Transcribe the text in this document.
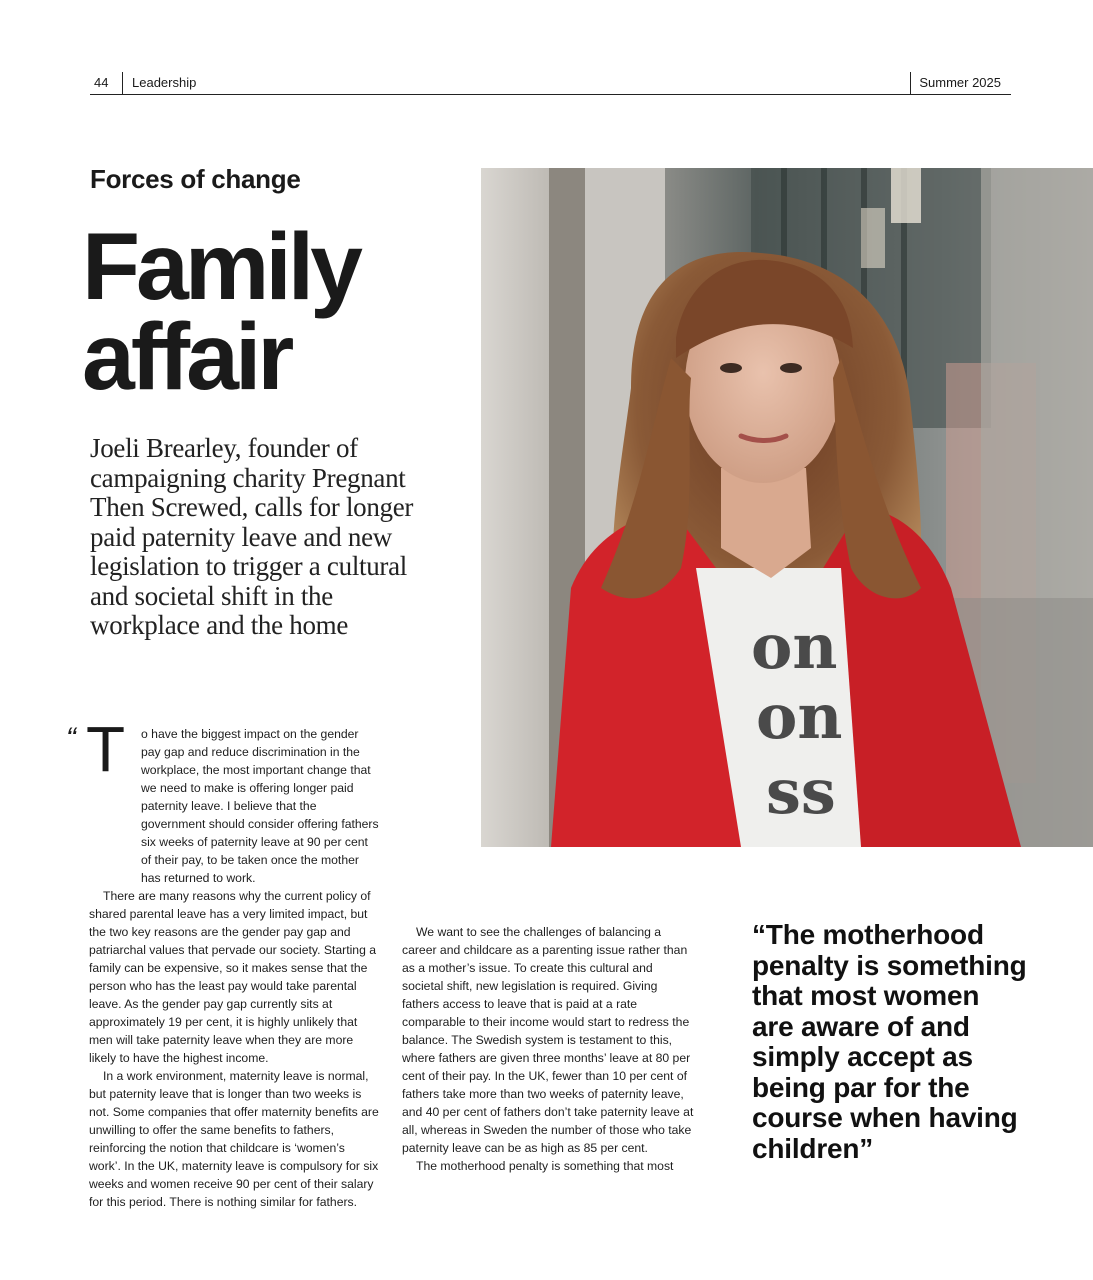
44 Leadership	Summer 2025
Forces of change
Family
affair
Joeli Brearley, founder of campaigning charity Pregnant Then Screwed, calls for longer paid paternity leave and new legislation to trigger a cultural and societal shift in the workplace and the home	on
on
ss
“ T o have the biggest impact on the gender pay gap and reduce discrimination in the workplace, the most important change that we need to make is offering longer paid paternity leave. I believe that the government should consider offering fathers six weeks of paternity leave at 90 per cent of their pay, to be taken once the mother has returned to work.

There are many reasons why the current policy of shared parental leave has a very limited impact, but the two key reasons are the gender pay gap and patriarchal values that pervade our society. Starting a family can be expensive, so it makes sense that the person who has the least pay would take parental leave. As the gender pay gap currently sits at approximately 19 per cent, it is highly unlikely that men will take paternity leave when they are more likely to have the highest income.

In a work environment, maternity leave is normal, but paternity leave that is longer than two weeks is not. Some companies that offer maternity benefits are unwilling to offer the same benefits to fathers, reinforcing the notion that childcare is ‘women’s work’. In the UK, maternity leave is compulsory for six weeks and women receive 90 per cent of their salary for this period. There is nothing similar for fathers.

We want to see the challenges of balancing a career and childcare as a parenting issue rather than as a mother’s issue. To create this cultural and societal shift, new legislation is required. Giving fathers access to leave that is paid at a rate comparable to their income would start to redress the balance. The Swedish system is testament to this, where fathers are given three months’ leave at 80 per cent of their pay. In the UK, fewer than 10 per cent of fathers take more than two weeks of paternity leave, and 40 per cent of fathers don’t take paternity leave at all, whereas in Sweden the number of those who take paternity leave can be as high as 85 per cent.

The motherhood penalty is something that most

“The motherhood penalty is something that most women are aware of and simply accept as being par for the course when having children”
